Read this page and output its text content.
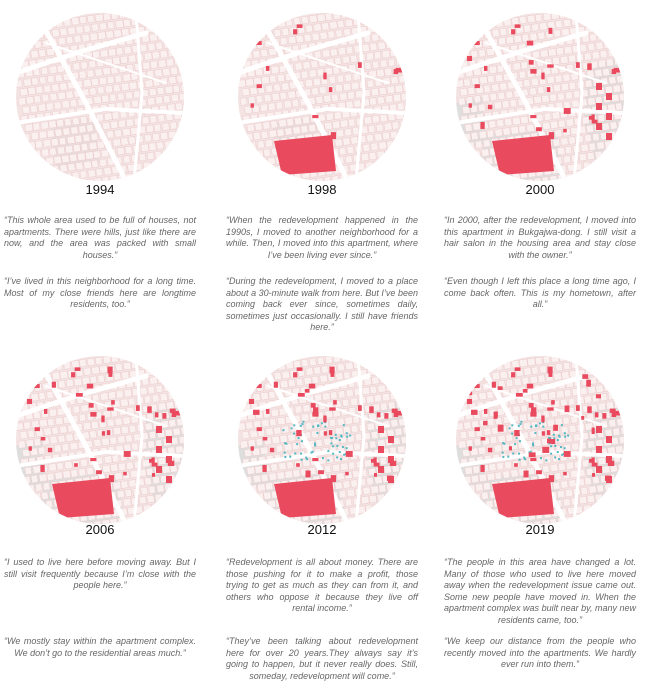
1994

“This whole area used to be full of houses, not apartments. There were hills, just like there are now, and the area was packed with small houses.”

“I’ve lived in this neighborhood for a long time. Most of my close friends here are longtime residents, too.”

1998

“When the redevelopment happened in the 1990s, I moved to another neighborhood for a while. Then, I moved into this apartment, where I’ve been living ever since.”

“During the redevelopment, I moved to a place about a 30-minute walk from here. But I’ve been coming back ever since, sometimes daily, sometimes just occasionally. I still have friends here.”

2000

“In 2000, after the redevelopment, I moved into this apartment in Bukgajwa-dong. I still visit a hair salon in the housing area and stay close with the owner.”

“Even though I left this place a long time ago, I come back often. This is my hometown, after all.”

2006

“I used to live here before moving away. But I still visit frequently because I’m close with the people here.”

“We mostly stay within the apartment complex. We don’t go to the residential areas much.”

2012

“Redevelopment is all about money. There are those pushing for it to make a profit, those trying to get as much as they can from it, and others who oppose it because they live off rental income.”

“They’ve been talking about redevelopment here for over 20 years.They always say it’s going to happen, but it never really does. Still, someday, redevelopment will come.”

2019

“The people in this area have changed a lot. Many of those who used to live here moved away when the redevelopment issue came out. Some new people have moved in. When the apartment complex was built near by, many new residents came, too.”

“We keep our distance from the people who recently moved into the apartments. We hardly ever run into them.”
